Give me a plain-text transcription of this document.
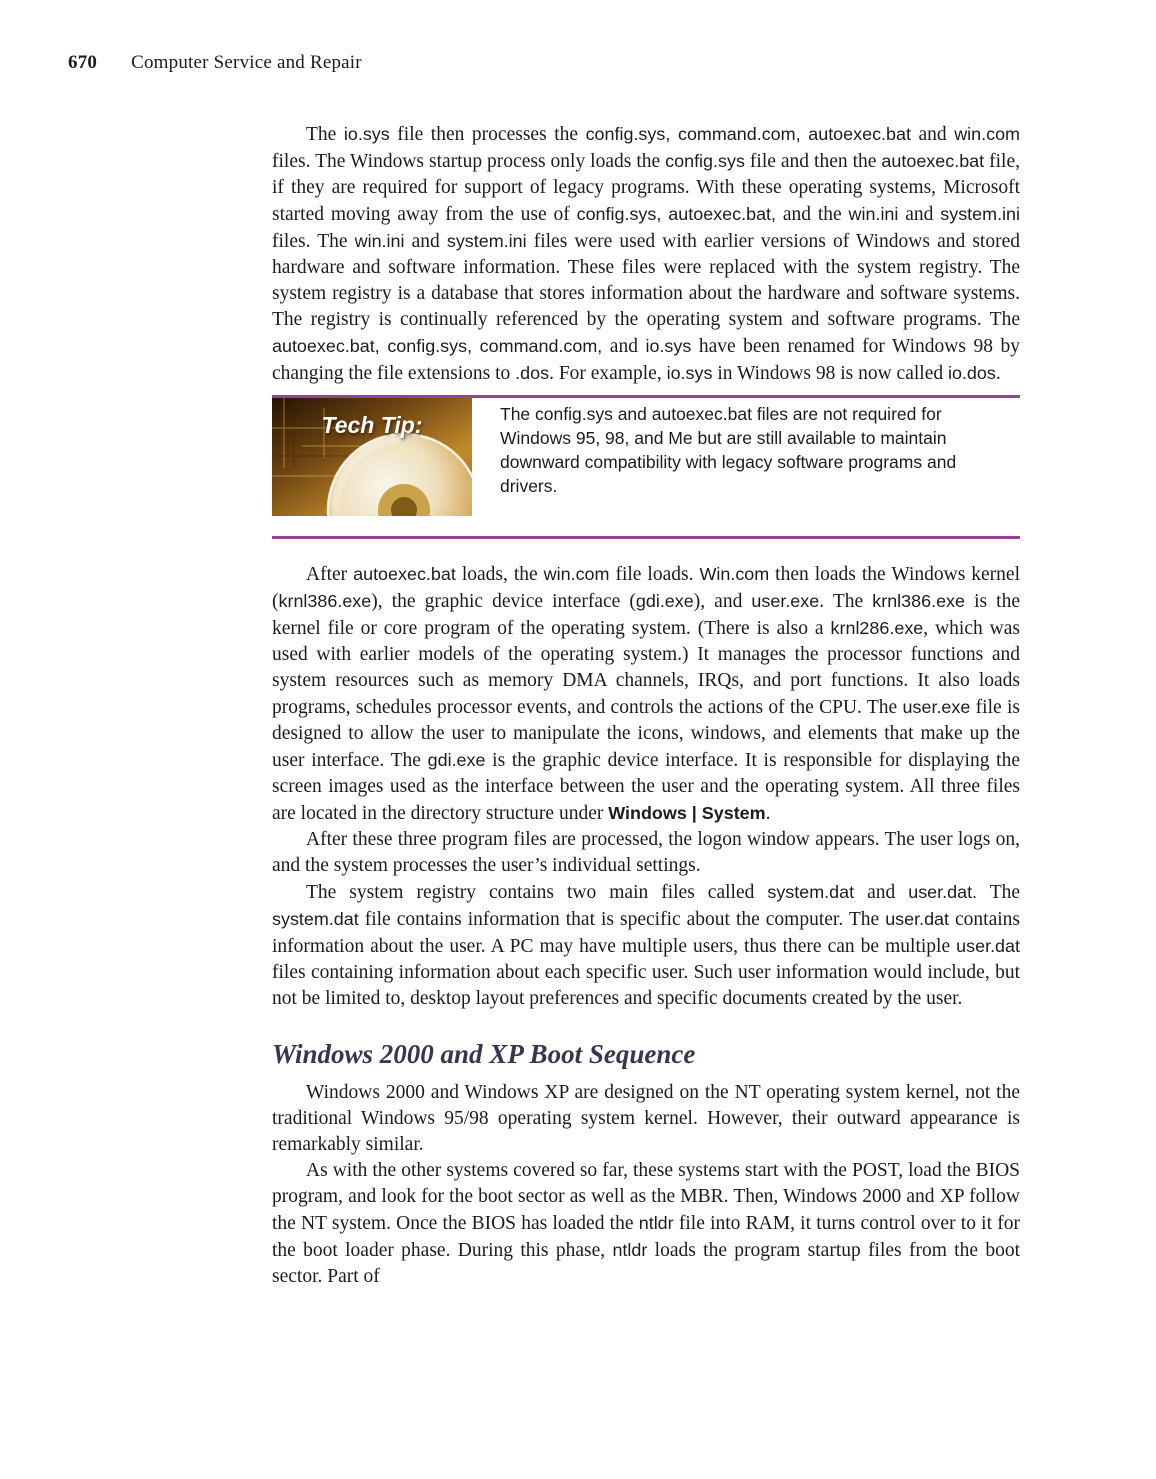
670 Computer Service and Repair

The io.sys file then processes the config.sys, command.com, autoexec.bat and win.com files. The Windows startup process only loads the config.sys file and then the autoexec.bat file, if they are required for support of legacy programs. With these operating systems, Microsoft started moving away from the use of config.sys, autoexec.bat, and the win.ini and system.ini files. The win.ini and system.ini files were used with earlier versions of Windows and stored hardware and software information. These files were replaced with the system registry. The system registry is a database that stores information about the hardware and software systems. The registry is continually referenced by the operating system and software programs. The autoexec.bat, config.sys, command.com, and io.sys have been renamed for Windows 98 by changing the file extensions to .dos. For example, io.sys in Windows 98 is now called io.dos.

Tech Tip:	The config.sys and autoexec.bat files are not required for Windows 95, 98, and Me but are still available to maintain downward compatibility with legacy software programs and drivers.

After autoexec.bat loads, the win.com file loads. Win.com then loads the Windows kernel (krnl386.exe), the graphic device interface (gdi.exe), and user.exe. The krnl386.exe is the kernel file or core program of the operating system. (There is also a krnl286.exe, which was used with earlier models of the operating system.) It manages the processor functions and system resources such as memory DMA channels, IRQs, and port functions. It also loads programs, schedules processor events, and controls the actions of the CPU. The user.exe file is designed to allow the user to manipulate the icons, windows, and elements that make up the user interface. The gdi.exe is the graphic device interface. It is responsible for displaying the screen images used as the interface between the user and the operating system. All three files are located in the directory structure under Windows | System.

After these three program files are processed, the logon window appears. The user logs on, and the system processes the user’s individual settings.

The system registry contains two main files called system.dat and user.dat. The system.dat file contains information that is specific about the computer. The user.dat contains information about the user. A PC may have multiple users, thus there can be multiple user.dat files containing information about each specific user. Such user information would include, but not be limited to, desktop layout preferences and specific documents created by the user.

Windows 2000 and XP Boot Sequence

Windows 2000 and Windows XP are designed on the NT operating system kernel, not the traditional Windows 95/98 operating system kernel. However, their outward appearance is remarkably similar.

As with the other systems covered so far, these systems start with the POST, load the BIOS program, and look for the boot sector as well as the MBR. Then, Windows 2000 and XP follow the NT system. Once the BIOS has loaded the ntldr file into RAM, it turns control over to it for the boot loader phase. During this phase, ntldr loads the program startup files from the boot sector. Part of
